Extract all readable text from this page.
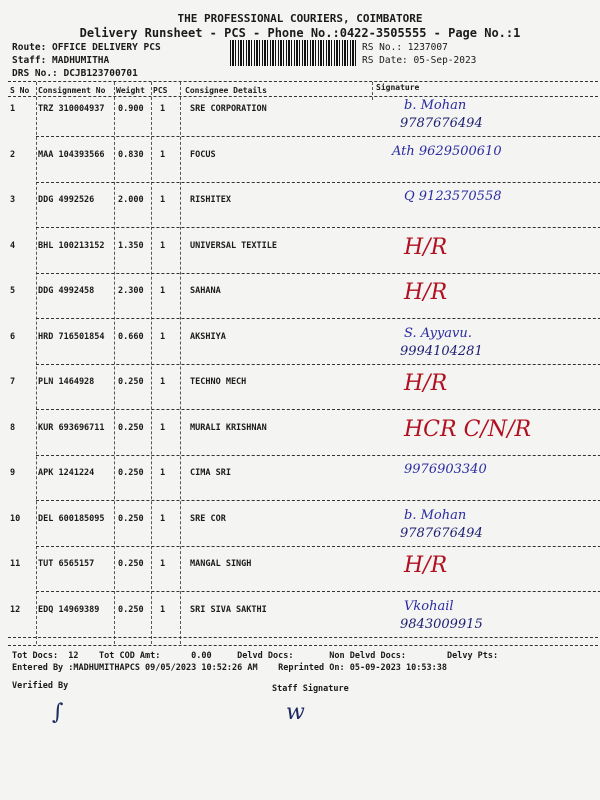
THE PROFESSIONAL COURIERS, COIMBATORE
Delivery Runsheet - PCS - Phone No.:0422-3505555 - Page No.:1
Route: OFFICE DELIVERY PCS
Staff: MADHUMITHA
DRS No.: DCJB123700701
RS No.: 1237007
RS Date: 05-Sep-2023
S No Consignment No Weight PCS Consignee Details	Signature
1	TRZ 310004937 0.900 1	SRE CORPORATION	b. Mohan
9787676494
2	MAA 104393566 0.830 1	FOCUS	Ath 9629500610
3	DDG 4992526	2.000 1	RISHITEX	Q 9123570558
4	BHL 100213152 1.350 1	UNIVERSAL TEXTILE	H/R
5	DDG 4992458	2.300 1	SAHANA	H/R
6	HRD 716501854 0.660 1	AKSHIYA	S. Ayyavu.
9994104281
7	PLN 1464928	0.250 1	TECHNO MECH	H/R
8	KUR 693696711 0.250 1	MURALI KRISHNAN	HCR C/N/R
9	APK 1241224	0.250 1	CIMA SRI	9976903340
10 DEL 600185095 0.250 1	SRE COR	b. Mohan
9787676494
11 TUT 6565157	0.250 1	MANGAL SINGH	H/R
12 EDQ 14969389 0.250 1	SRI SIVA SAKTHI	Vkohail
9843009915
Tot Docs:  12    Tot COD Amt:      0.00     Delvd Docs:       Non Delvd Docs:        Delvy Pts:
Entered By :MADHUMITHAPCS 09/05/2023 10:52:26 AM    Reprinted On: 05-09-2023 10:53:38
Verified By	Staff Signature
∫	w
